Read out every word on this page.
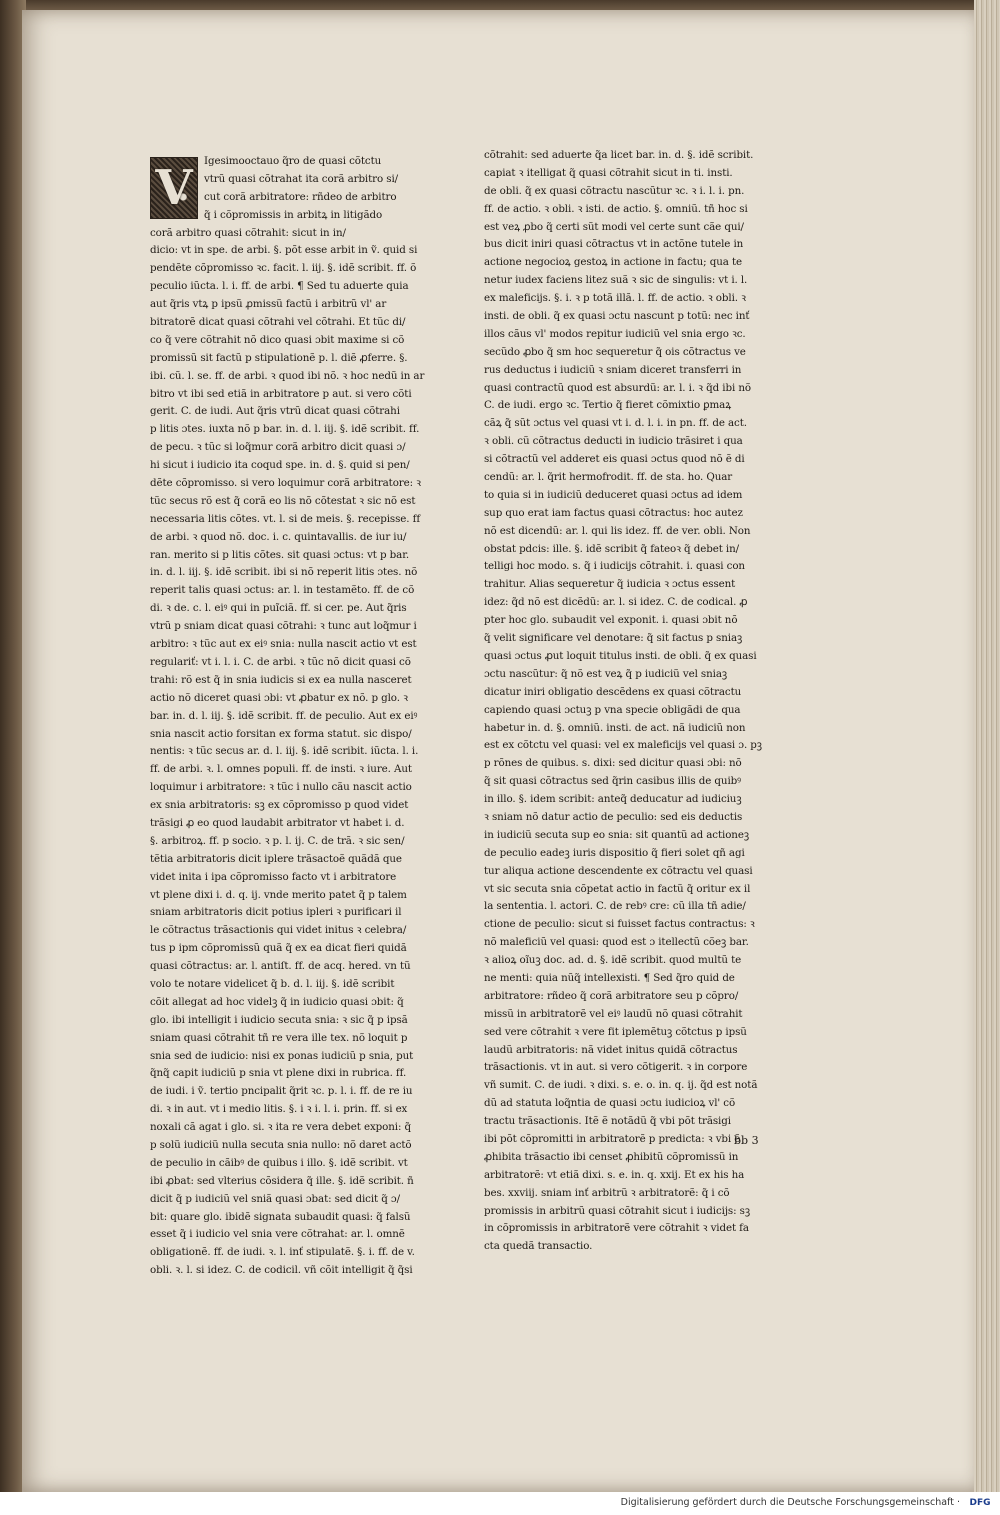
V	Igesimooctauo q̃ro de quasi cõtctu
vtrũ quasi cõtrahat ita corã arbitro si/
cut corã arbitratore: rñdeo de arbitro
q̃ i cõpromissis in arbitꝝ in litigãdo
corã arbitro quasi cõtrahit: sicut in in/
dicio: vt in spe. de arbi. §. põt esse arbit in ṽ. quid si
pendẽte cõpromisso ꝛc. facit. l. iij. §. idẽ scribit. ff. õ
peculio iũcta. l. i. ff. de arbi. ¶ Sed tu aduerte quia
aut q̃ris vtꝝ p ipsũ ꝓmissũ factũ i arbitrũ vl' ar
bitratorẽ dicat quasi cõtrahi vel cõtrahi. Et tũc di/
co q̃ vere cõtrahit nõ dico quasi ɔbit maxime si cõ
promissũ sit factũ p stipulationẽ p. l. diẽ ꝓferre. §.
ibi. cũ. l. se. ff. de arbi. ꝛ quod ibi nõ. ꝛ hoc nedũ in ar
bitro vt ibi sed etiã in arbitratore p aut. si vero cõti
gerit. C. de iudi. Aut q̃ris vtrũ dicat quasi cõtrahi
p litis ɔtes. iuxta nõ p bar. in. d. l. iij. §. idẽ scribit. ff.
de pecu. ꝛ tũc si loq̃mur corã arbitro dicit quasi ɔ/
hi sicut i iudicio ita coqud spe. in. d. §. quid si pen/
dẽte cõpromisso. si vero loquimur corã arbitratore: ꝛ
tũc secus rõ est q̃ corã eo lis nõ cõtestat ꝛ sic nõ est
necessaria litis cõtes. vt. l. si de meis. §. recepisse. ff
de arbi. ꝛ quod nõ. doc. i. c. quintavallis. de iur iu/
ran. merito si p litis cõtes. sit quasi ɔctus: vt p bar.
in. d. l. iij. §. idẽ scribit. ibi si nõ reperit litis ɔtes. nõ
reperit talis quasi ɔctus: ar. l. in testamẽto. ff. de cõ
di. ꝛ de. c. l. eiꝰ qui in puĩciã. ff. si cer. pe. Aut q̃ris
vtrũ p sniam dicat quasi cõtrahi: ꝛ tunc aut loq̃mur i
arbitro: ꝛ tũc aut ex eiꝰ snia: nulla nascit actio vt est
regulariť: vt i. l. i. C. de arbi. ꝛ tũc nõ dicit quasi cõ
trahi: rõ est q̃ in snia iudicis si ex ea nulla nasceret
actio nõ diceret quasi ɔbi: vt ꝓbatur ex nõ. p glo. ꝛ
bar. in. d. l. iij. §. idẽ scribit. ff. de peculio. Aut ex eiꝰ
snia nascit actio forsitan ex forma statut. sic dispo/
nentis: ꝛ tũc secus ar. d. l. iij. §. idẽ scribit. iũcta. l. i.
ff. de arbi. ꝛ. l. omnes populi. ff. de insti. ꝛ iure. Aut
loquimur i arbitratore: ꝛ tũc i nullo cãu nascit actio
ex snia arbitratoris: sꝫ ex cõpromisso p quod videt
trãsigi ꝓ eo quod laudabit arbitrator vt habet i. d.
§. arbitroꝝ. ff. p socio. ꝛ p. l. ij. C. de trã. ꝛ sic sen/
tẽtia arbitratoris dicit iplere trãsactoẽ quãdã que
videt inita i ipa cõpromisso facto vt i arbitratore
vt plene dixi i. d. q. ij. vnde merito patet q̃ p talem
sniam arbitratoris dicit potius ipleri ꝛ purificari il
le cõtractus trãsactionis qui videt initus ꝛ celebra/
tus p ipm cõpromissũ quã q̃ ex ea dicat fieri quidã
quasi cõtractus: ar. l. antiſt. ff. de acq. hered. vn tũ
volo te notare videlicet q̃ b. d. l. iij. §. idẽ scribit
cõit allegat ad hoc videlꝫ q̃ in iudicio quasi ɔbit: q̃
glo. ibi intelligit i iudicio secuta snia: ꝛ sic q̃ p ipsã
sniam quasi cõtrahit tñ re vera ille tex. nõ loquit p
snia sed de iudicio: nisi ex ponas iudiciũ p snia, put
q̃nq̃ capit iudiciũ p snia vt plene dixi in rubrica. ff.
de iudi. i ṽ. tertio pncipalit q̃rit ꝛc. p. l. i. ff. de re iu
di. ꝛ in aut. vt i medio litis. §. i ꝛ i. l. i. prin. ff. si ex
noxali cã agat i glo. si. ꝛ ita re vera debet exponi: q̃
p solũ iudiciũ nulla secuta snia nullo: nõ daret actõ
de peculio in cãibꝰ de quibus i illo. §. idẽ scribit. vt
ibi ꝓbat: sed vlterius cõsidera q̃ ille. §. idẽ scribit. ñ
dicit q̃ p iudiciũ vel sniã quasi ɔbat: sed dicit q̃ ɔ/
bit: quare glo. ibidẽ signata subaudit quasi: q̃ falsũ
esset q̃ i iudicio vel snia vere cõtrahat: ar. l. omnẽ
obligationẽ. ff. de iudi. ꝛ. l. inť stipulatẽ. §. i. ff. de v.
obli. ꝛ. l. si idez. C. de codicil. vñ cõit intelligit q̃ q̃si
cõtrahit: sed aduerte q̃a licet bar. in. d. §. idẽ scribit.
capiat ꝛ itelligat q̃ quasi cõtrahit sicut in ti. insti.
de obli. q̃ ex quasi cõtractu nascũtur ꝛc. ꝛ i. l. i. pn.
ff. de actio. ꝛ obli. ꝛ isti. de actio. §. omniũ. tñ hoc si
est veꝝ ꝓbo q̃ certi sũt modi vel certe sunt cãe qui/
bus dicit iniri quasi cõtractus vt in actõne tutele in
actione negocioꝝ gestoꝝ in actione in factu; qua te
netur iudex faciens litez suã ꝛ sic de singulis: vt i. l.
ex maleficijs. §. i. ꝛ p totã illã. l. ff. de actio. ꝛ obli. ꝛ
insti. de obli. q̃ ex quasi ɔctu nascunt p totũ: nec inť
illos cãus vl' modos repitur iudiciũ vel snia ergo ꝛc.
secũdo ꝓbo q̃ sm hoc sequeretur q̃ ois cõtractus ve
rus deductus i iudiciũ ꝛ sniam diceret transferri in
quasi contractũ quod est absurdũ: ar. l. i. ꝛ q̃d ibi nõ
C. de iudi. ergo ꝛc. Tertio q̃ fieret cõmixtio ꝑmaꝝ
cãꝝ q̃ sũt ɔctus vel quasi vt i. d. l. i. in pn. ff. de act.
ꝛ obli. cũ cõtractus deducti in iudicio trãsiret i qua
si cõtractũ vel adderet eis quasi ɔctus quod nõ ẽ di
cendũ: ar. l. q̃rit hermofrodit. ff. de sta. ho. Quar
to quia si in iudiciũ deduceret quasi ɔctus ad idem
sup quo erat iam factus quasi cõtractus: hoc autez
nõ est dicendũ: ar. l. qui lis idez. ff. de ver. obli. Non
obstat pdcis: ille. §. idẽ scribit q̃ fateoꝛ q̃ debet in/
telligi hoc modo. s. q̃ i iudicijs cõtrahit. i. quasi con
trahitur. Alias sequeretur q̃ iudicia ꝛ ɔctus essent
idez: q̃d nõ est dicẽdũ: ar. l. si idez. C. de codical. ꝓ
pter hoc glo. subaudit vel exponit. i. quasi ɔbit nõ
q̃ velit significare vel denotare: q̃ sit factus p sniaꝫ
quasi ɔctus ꝓut loquit titulus insti. de obli. q̃ ex quasi
ɔctu nascũtur: q̃ nõ est veꝝ q̃ p iudiciũ vel sniaꝫ
dicatur iniri obligatio descẽdens ex quasi cõtractu
capiendo quasi ɔctuꝫ p vna specie obligãdi de qua
habetur in. d. §. omniũ. insti. de act. nã iudiciũ non
est ex cõtctu vel quasi: vel ex maleficijs vel quasi ɔ. pꝫ
p rõnes de quibus. s. dixi: sed dicitur quasi ɔbi: nõ
q̃ sit quasi cõtractus sed q̃rin casibus illis de quibꝰ
in illo. §. idem scribit: anteq̃ deducatur ad iudiciuꝫ
ꝛ sniam nõ datur actio de peculio: sed eis deductis
in iudiciũ secuta sup eo snia: sit quantũ ad actioneꝫ
de peculio eadeꝫ iuris dispositio q̃ fieri solet qñ agi
tur aliqua actione descendente ex cõtractu vel quasi
vt sic secuta snia cõpetat actio in factũ q̃ oritur ex il
la sententia. l. actori. C. de rebꝰ cre: cũ illa tñ adie/
ctione de peculio: sicut si fuisset factus contractus: ꝛ
nõ maleficiũ vel quasi: quod est ɔ itellectũ cõeꝫ bar.
ꝛ alioꝝ oĩuꝫ doc. ad. d. §. idẽ scribit. quod multũ te
ne menti: quia nũq̃ intellexisti. ¶ Sed q̃ro quid de
arbitratore: rñdeo q̃ corã arbitratore seu p cõpro/
missũ in arbitratorẽ vel eiꝰ laudũ nõ quasi cõtrahit
sed vere cõtrahit ꝛ vere fit iplemẽtuꝫ cõtctus p ipsũ
laudũ arbitratoris: nã videt initus quidã cõtractus
trãsactionis. vt in aut. si vero cõtigerit. ꝛ in corpore
vñ sumit. C. de iudi. ꝛ dixi. s. e. o. in. q. ij. q̃d est notã
dũ ad statuta loq̃ntia de quasi ɔctu iudicioꝝ vl' cõ
tractu trãsactionis. Itẽ ẽ notãdũ q̃ vbi põt trãsigi
ibi põt cõpromitti in arbitratorẽ p predicta: ꝛ vbi ẽ
ꝓhibita trãsactio ibi censet ꝓhibitũ cõpromissũ in
arbitratorẽ: vt etiã dixi. s. e. in. q. xxij. Et ex his ha
bes. xxviij. sniam inť arbitrũ ꝛ arbitratorẽ: q̃ i cõ
promissis in arbitrũ quasi cõtrahit sicut i iudicijs: sꝫ
in cõpromissis in arbitratorẽ vere cõtrahit ꝛ videt fa
cta quedã transactio.
bb 3
Digitalisierung gefördert durch die Deutsche Forschungsgemeinschaft ·	DFG
